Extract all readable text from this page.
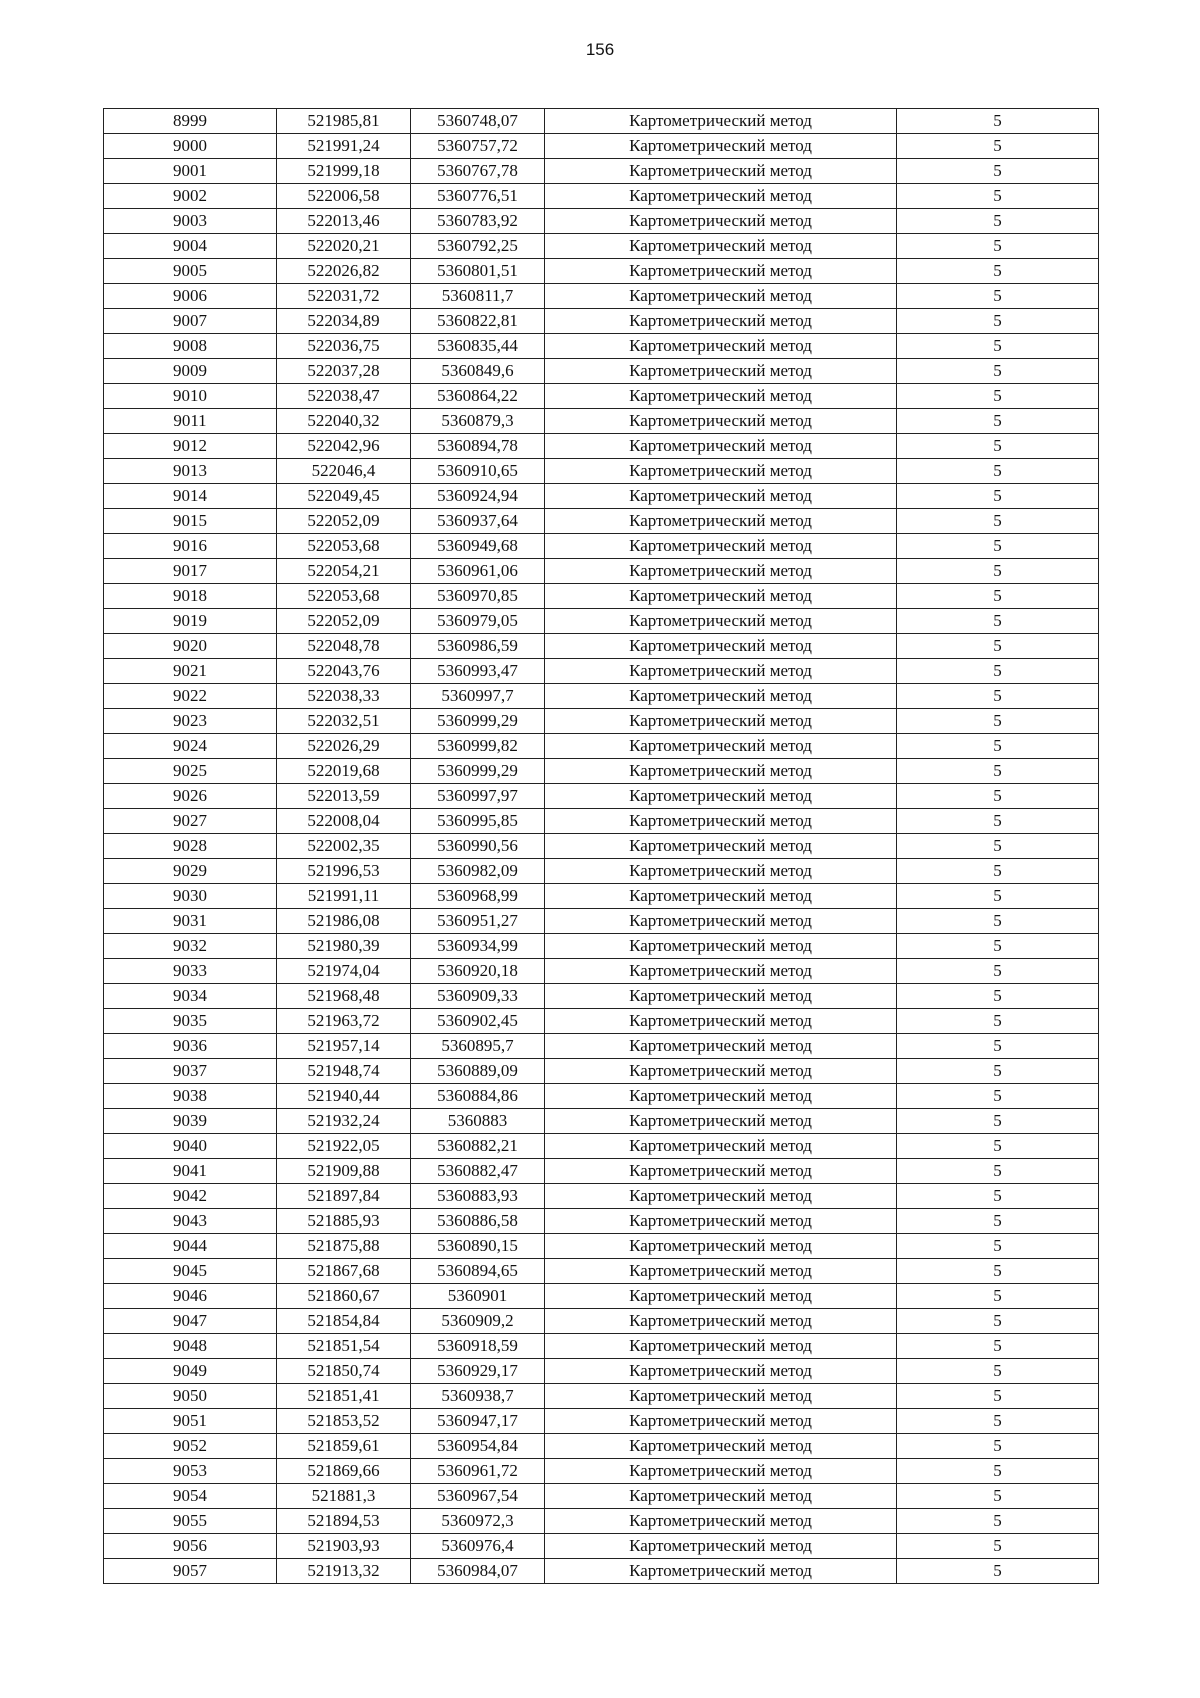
156
8999	521985,81	5360748,07	Картометрический метод	5
9000	521991,24	5360757,72	Картометрический метод	5
9001	521999,18	5360767,78	Картометрический метод	5
9002	522006,58	5360776,51	Картометрический метод	5
9003	522013,46	5360783,92	Картометрический метод	5
9004	522020,21	5360792,25	Картометрический метод	5
9005	522026,82	5360801,51	Картометрический метод	5
9006	522031,72	5360811,7	Картометрический метод	5
9007	522034,89	5360822,81	Картометрический метод	5
9008	522036,75	5360835,44	Картометрический метод	5
9009	522037,28	5360849,6	Картометрический метод	5
9010	522038,47	5360864,22	Картометрический метод	5
9011	522040,32	5360879,3	Картометрический метод	5
9012	522042,96	5360894,78	Картометрический метод	5
9013	522046,4	5360910,65	Картометрический метод	5
9014	522049,45	5360924,94	Картометрический метод	5
9015	522052,09	5360937,64	Картометрический метод	5
9016	522053,68	5360949,68	Картометрический метод	5
9017	522054,21	5360961,06	Картометрический метод	5
9018	522053,68	5360970,85	Картометрический метод	5
9019	522052,09	5360979,05	Картометрический метод	5
9020	522048,78	5360986,59	Картометрический метод	5
9021	522043,76	5360993,47	Картометрический метод	5
9022	522038,33	5360997,7	Картометрический метод	5
9023	522032,51	5360999,29	Картометрический метод	5
9024	522026,29	5360999,82	Картометрический метод	5
9025	522019,68	5360999,29	Картометрический метод	5
9026	522013,59	5360997,97	Картометрический метод	5
9027	522008,04	5360995,85	Картометрический метод	5
9028	522002,35	5360990,56	Картометрический метод	5
9029	521996,53	5360982,09	Картометрический метод	5
9030	521991,11	5360968,99	Картометрический метод	5
9031	521986,08	5360951,27	Картометрический метод	5
9032	521980,39	5360934,99	Картометрический метод	5
9033	521974,04	5360920,18	Картометрический метод	5
9034	521968,48	5360909,33	Картометрический метод	5
9035	521963,72	5360902,45	Картометрический метод	5
9036	521957,14	5360895,7	Картометрический метод	5
9037	521948,74	5360889,09	Картометрический метод	5
9038	521940,44	5360884,86	Картометрический метод	5
9039	521932,24	5360883	Картометрический метод	5
9040	521922,05	5360882,21	Картометрический метод	5
9041	521909,88	5360882,47	Картометрический метод	5
9042	521897,84	5360883,93	Картометрический метод	5
9043	521885,93	5360886,58	Картометрический метод	5
9044	521875,88	5360890,15	Картометрический метод	5
9045	521867,68	5360894,65	Картометрический метод	5
9046	521860,67	5360901	Картометрический метод	5
9047	521854,84	5360909,2	Картометрический метод	5
9048	521851,54	5360918,59	Картометрический метод	5
9049	521850,74	5360929,17	Картометрический метод	5
9050	521851,41	5360938,7	Картометрический метод	5
9051	521853,52	5360947,17	Картометрический метод	5
9052	521859,61	5360954,84	Картометрический метод	5
9053	521869,66	5360961,72	Картометрический метод	5
9054	521881,3	5360967,54	Картометрический метод	5
9055	521894,53	5360972,3	Картометрический метод	5
9056	521903,93	5360976,4	Картометрический метод	5
9057	521913,32	5360984,07	Картометрический метод	5
